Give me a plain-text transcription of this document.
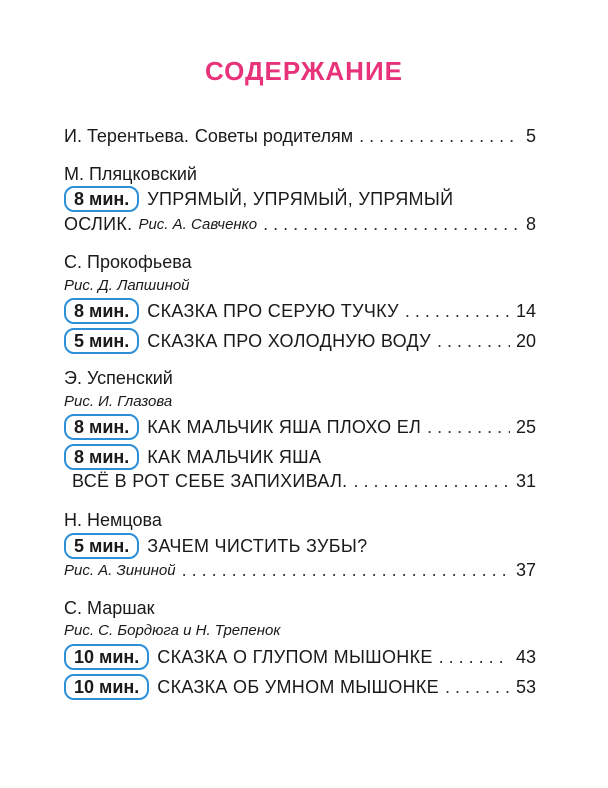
СОДЕРЖАНИЕ
И. Терентьева. Советы родителям . . .	5
М. Пляцковский
8 мин.	УПРЯМЫЙ, УПРЯМЫЙ, УПРЯМЫЙ
ОСЛИК. Рис. А. Савченко . . .	8
С. Прокофьева
Рис. Д. Лапшиной
8 мин.	СКАЗКА ПРО СЕРУЮ ТУЧКУ . . .	14
5 мин.	СКАЗКА ПРО ХОЛОДНУЮ ВОДУ . . .	20
Э. Успенский
Рис. И. Глазова
8 мин.	КАК МАЛЬЧИК ЯША ПЛОХО ЕЛ . . .	25
8 мин.	КАК МАЛЬЧИК ЯША
ВСЁ В РОТ СЕБЕ ЗАПИХИВАЛ. . . .	31
Н. Немцова
5 мин.	ЗАЧЕМ ЧИСТИТЬ ЗУБЫ?
Рис. А. Зининой . . .	37
С. Маршак
Рис. С. Бордюга и Н. Трепенок
10 мин.	СКАЗКА О ГЛУПОМ МЫШОНКЕ . . .	43
10 мин.	СКАЗКА ОБ УМНОМ МЫШОНКЕ . . .	53
